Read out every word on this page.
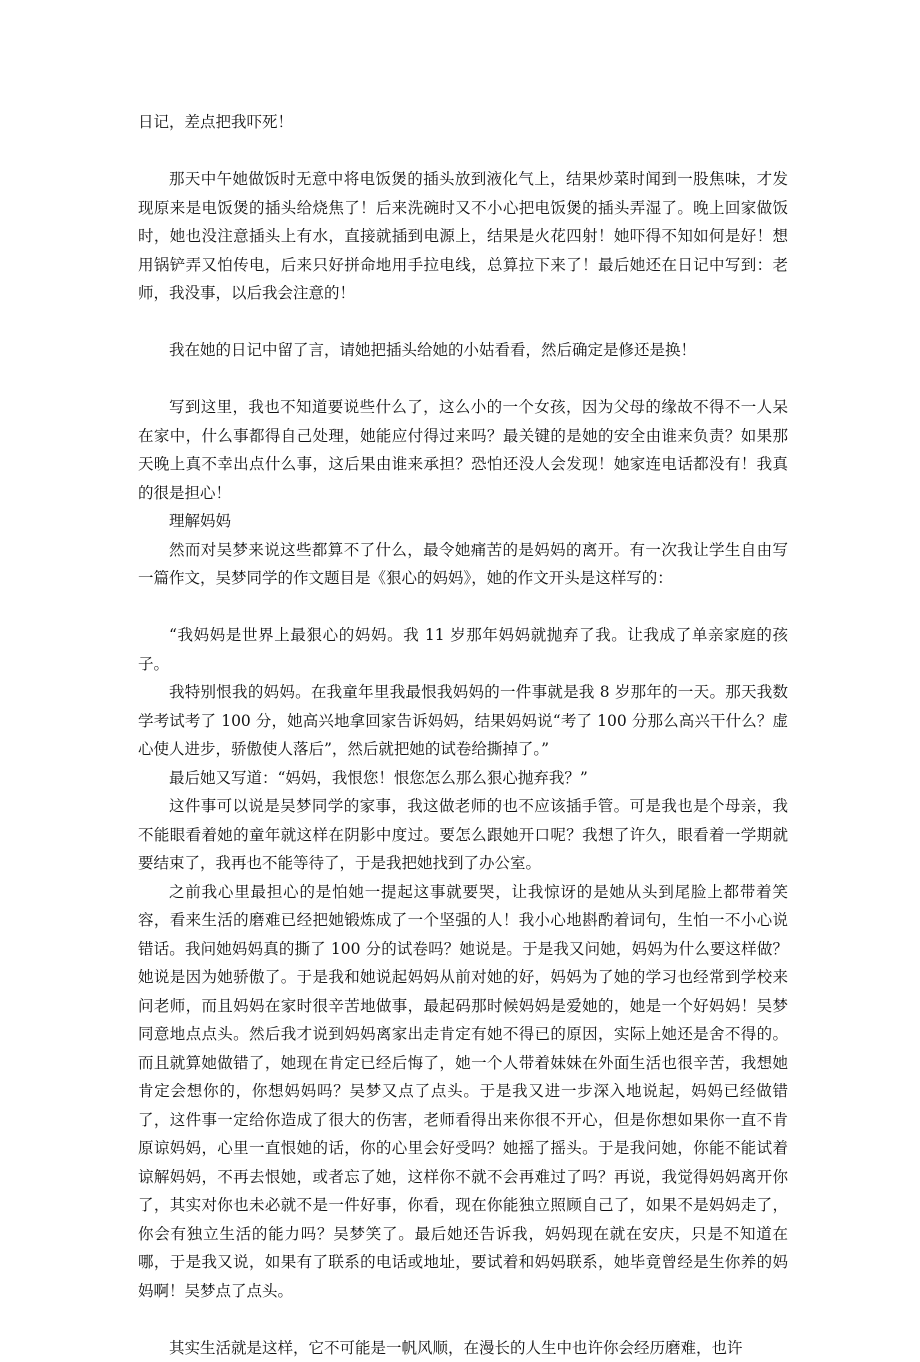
日记，差点把我吓死！

那天中午她做饭时无意中将电饭煲的插头放到液化气上，结果炒菜时闻到一股焦味，才发现原来是电饭煲的插头给烧焦了！后来洗碗时又不小心把电饭煲的插头弄湿了。晚上回家做饭时，她也没注意插头上有水，直接就插到电源上，结果是火花四射！她吓得不知如何是好！想用锅铲弄又怕传电，后来只好拼命地用手拉电线，总算拉下来了！最后她还在日记中写到：老师，我没事，以后我会注意的！

我在她的日记中留了言，请她把插头给她的小姑看看，然后确定是修还是换！

写到这里，我也不知道要说些什么了，这么小的一个女孩，因为父母的缘故不得不一人呆在家中，什么事都得自己处理，她能应付得过来吗？最关键的是她的安全由谁来负责？如果那天晚上真不幸出点什么事，这后果由谁来承担？恐怕还没人会发现！她家连电话都没有！我真的很是担心！

理解妈妈

然而对吴梦来说这些都算不了什么，最令她痛苦的是妈妈的离开。有一次我让学生自由写一篇作文，吴梦同学的作文题目是《狠心的妈妈》，她的作文开头是这样写的：

“我妈妈是世界上最狠心的妈妈。我 11 岁那年妈妈就抛弃了我。让我成了单亲家庭的孩子。

我特别恨我的妈妈。在我童年里我最恨我妈妈的一件事就是我 8 岁那年的一天。那天我数学考试考了 100 分，她高兴地拿回家告诉妈妈，结果妈妈说“考了 100 分那么高兴干什么？虚心使人进步，骄傲使人落后”，然后就把她的试卷给撕掉了。”

最后她又写道：“妈妈，我恨您！恨您怎么那么狠心抛弃我？”

这件事可以说是吴梦同学的家事，我这做老师的也不应该插手管。可是我也是个母亲，我不能眼看着她的童年就这样在阴影中度过。要怎么跟她开口呢？我想了许久，眼看着一学期就要结束了，我再也不能等待了，于是我把她找到了办公室。

之前我心里最担心的是怕她一提起这事就要哭，让我惊讶的是她从头到尾脸上都带着笑容，看来生活的磨难已经把她锻炼成了一个坚强的人！我小心地斟酌着词句，生怕一不小心说错话。我问她妈妈真的撕了 100 分的试卷吗？她说是。于是我又问她，妈妈为什么要这样做？她说是因为她骄傲了。于是我和她说起妈妈从前对她的好，妈妈为了她的学习也经常到学校来问老师，而且妈妈在家时很辛苦地做事，最起码那时候妈妈是爱她的，她是一个好妈妈！吴梦同意地点点头。然后我才说到妈妈离家出走肯定有她不得已的原因，实际上她还是舍不得的。而且就算她做错了，她现在肯定已经后悔了，她一个人带着妹妹在外面生活也很辛苦，我想她肯定会想你的，你想妈妈吗？吴梦又点了点头。于是我又进一步深入地说起，妈妈已经做错了，这件事一定给你造成了很大的伤害，老师看得出来你很不开心，但是你想如果你一直不肯原谅妈妈，心里一直恨她的话，你的心里会好受吗？她摇了摇头。于是我问她，你能不能试着谅解妈妈，不再去恨她，或者忘了她，这样你不就不会再难过了吗？再说，我觉得妈妈离开你了，其实对你也未必就不是一件好事，你看，现在你能独立照顾自己了，如果不是妈妈走了，你会有独立生活的能力吗？吴梦笑了。最后她还告诉我，妈妈现在就在安庆，只是不知道在哪，于是我又说，如果有了联系的电话或地址，要试着和妈妈联系，她毕竟曾经是生你养的妈妈啊！吴梦点了点头。

其实生活就是这样，它不可能是一帆风顺，在漫长的人生中也许你会经历磨难，也许
